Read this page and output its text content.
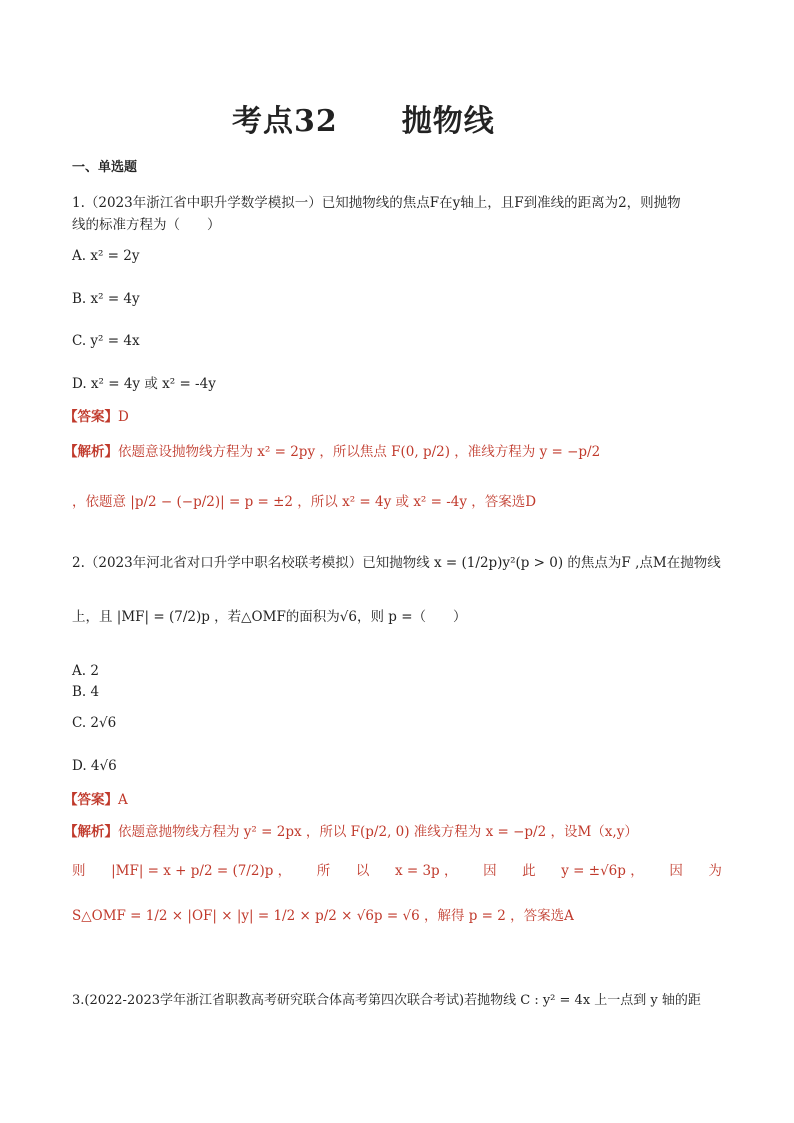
考点32 抛物线
一、单选题
1.（2023年浙江省中职升学数学模拟一）已知抛物线的焦点F在y轴上，且F到准线的距离为2，则抛物
线的标准方程为（　　）
A. x² = 2y
B. x² = 4y
C. y² = 4x
D. x² = 4y 或 x² = -4y
【答案】D
【解析】依题意设抛物线方程为 x² = 2py ，所以焦点 F(0, p/2) ，准线方程为 y = −p/2
，依题意 |p/2 − (−p/2)| = p = ±2 ，所以 x² = 4y 或 x² = -4y ，答案选D
2.（2023年河北省对口升学中职名校联考模拟）已知抛物线 x = (1/2p)y²(p > 0) 的焦点为F ,点M在抛物线
上，且 |MF| = (7/2)p ，若△OMF的面积为√6，则 p =（　　）
A. 2
B. 4
C. 2√6
D. 4√6
【答案】A
【解析】依题意抛物线方程为 y² = 2px ，所以 F(p/2, 0) 准线方程为 x = −p/2 ，设M（x,y）
则 |MF| = x + p/2 = (7/2)p ， 所 以 x = 3p ， 因 此 y = ±√6p ， 因 为
S△OMF = 1/2 × |OF| × |y| = 1/2 × p/2 × √6p = √6 ，解得 p = 2 ，答案选A
3.(2022-2023学年浙江省职教高考研究联合体高考第四次联合考试)若抛物线 C : y² = 4x 上一点到 y 轴的距
